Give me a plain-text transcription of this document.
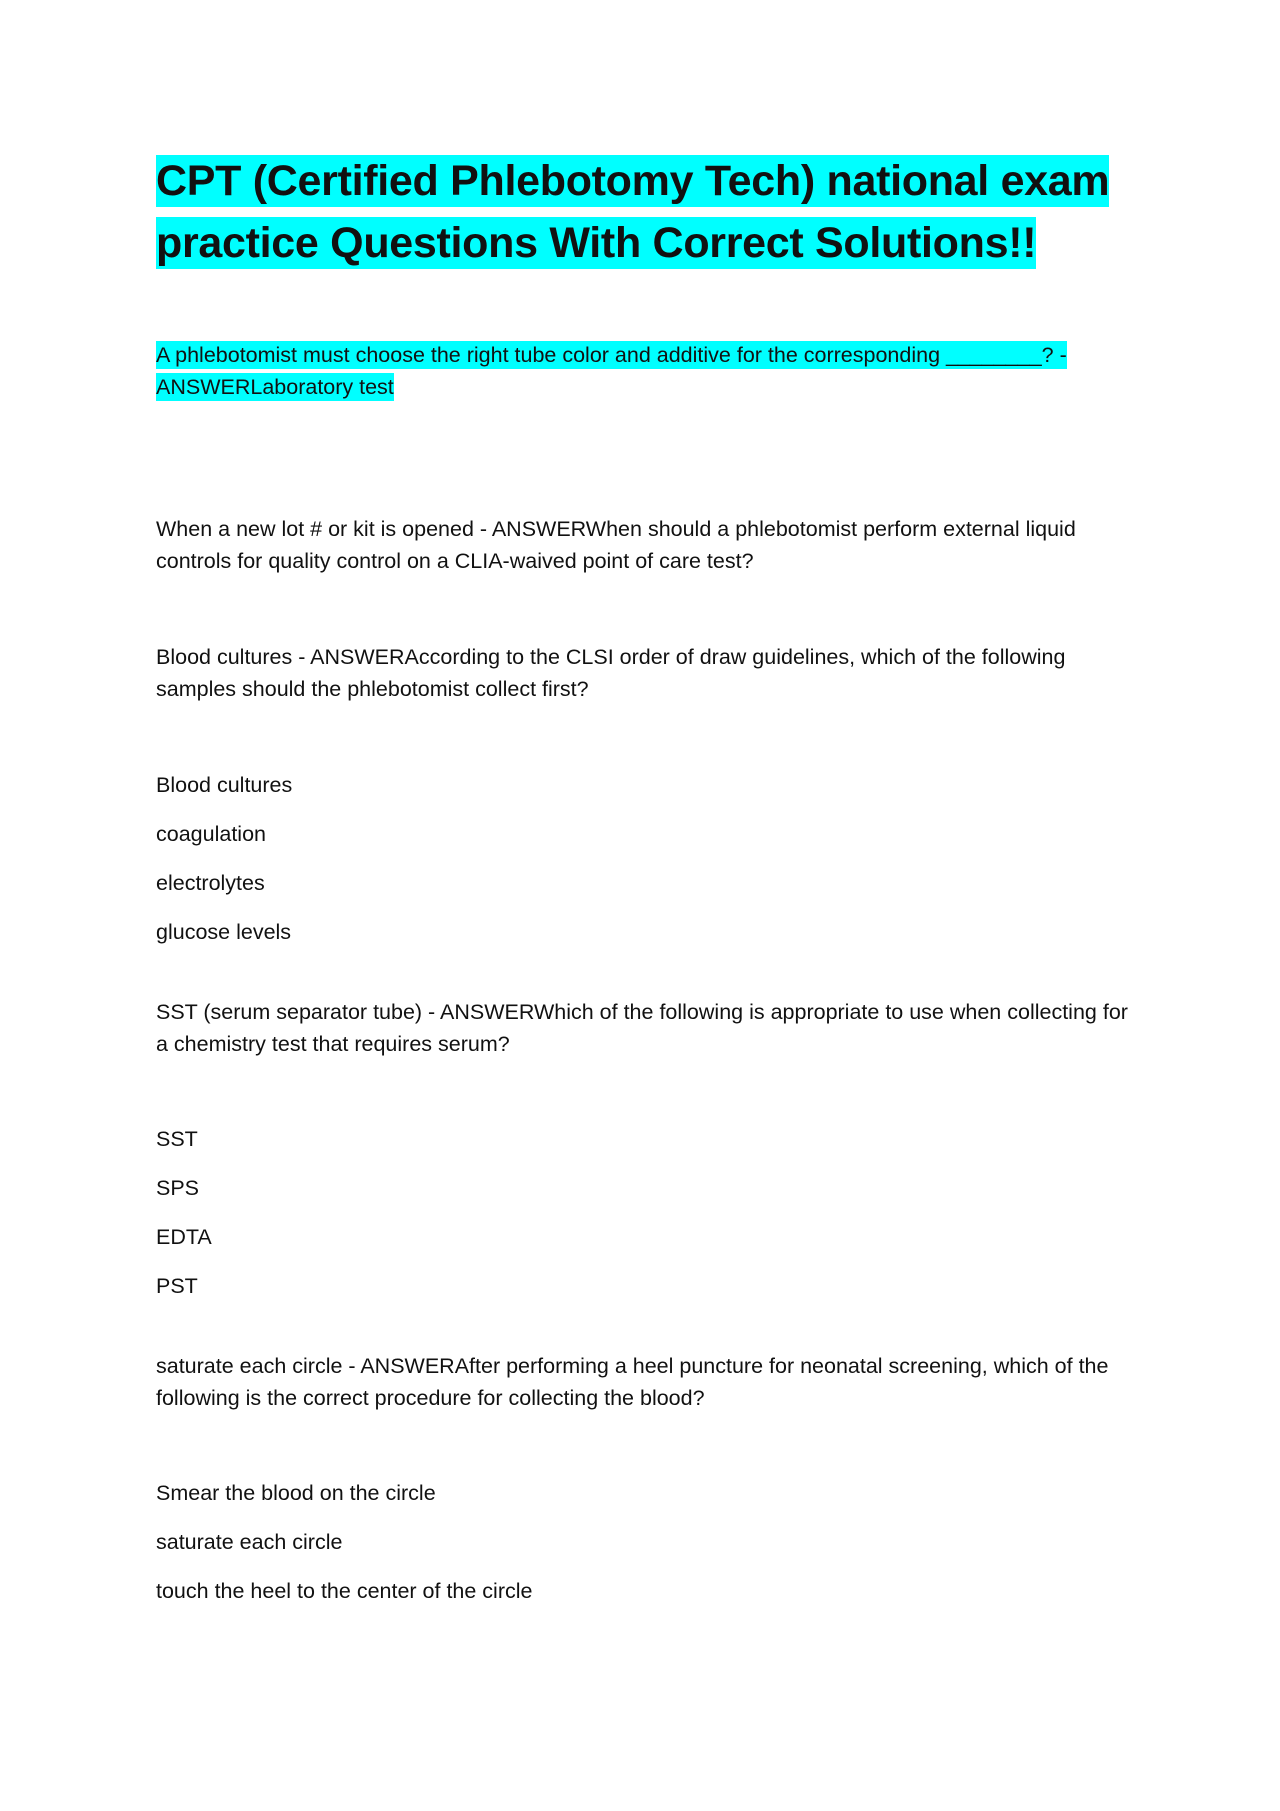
CPT (Certified Phlebotomy Tech) national exam practice Questions With Correct Solutions!!

A phlebotomist must choose the right tube color and additive for the corresponding ________? - ANSWERLaboratory test

When a new lot # or kit is opened - ANSWERWhen should a phlebotomist perform external liquid controls for quality control on a CLIA-waived point of care test?

Blood cultures - ANSWERAccording to the CLSI order of draw guidelines, which of the following samples should the phlebotomist collect first?

Blood cultures

coagulation

electrolytes

glucose levels

SST (serum separator tube) - ANSWERWhich of the following is appropriate to use when collecting for a chemistry test that requires serum?

SST

SPS

EDTA

PST

saturate each circle - ANSWERAfter performing a heel puncture for neonatal screening, which of the following is the correct procedure for collecting the blood?

Smear the blood on the circle

saturate each circle

touch the heel to the center of the circle
